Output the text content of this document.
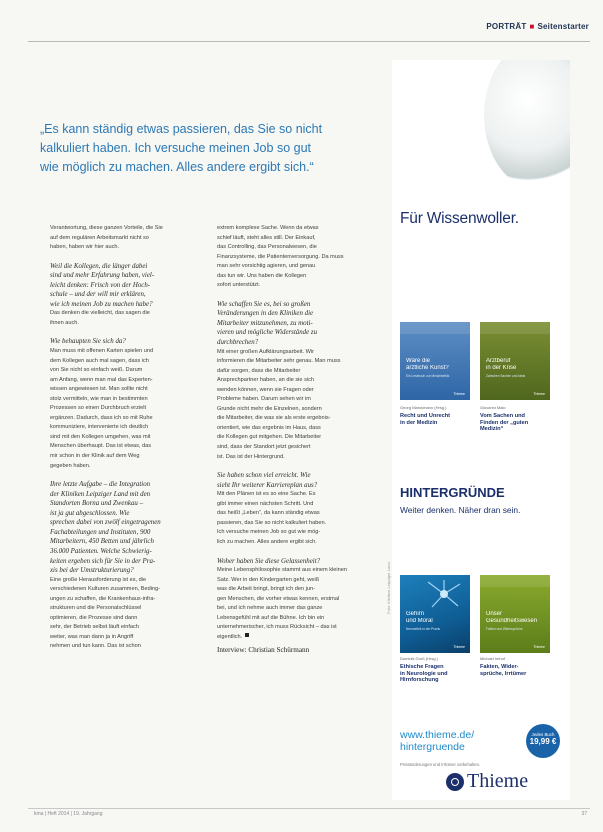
PORTRÄT ■ Seitenstarter
„Es kann ständig etwas passieren, das Sie so nicht
kalkuliert haben. Ich versuche meinen Job so gut
wie möglich zu machen. Alles andere ergibt sich.“
Verantwortung, diese ganzen Vorteile, die Sie
auf dem regulären Arbeitsmarkt nicht so
haben, haben wir hier auch.
Weil die Kollegen, die länger dabei
sind und mehr Erfahrung haben, viel-
leicht denken: Frisch von der Hoch-
schule – und der will mir erklären,
wie ich meinen Job zu machen habe?
Das denken die vielleicht, das sagen die
ihnen auch.
Wie behaupten Sie sich da?
Man muss mit offenen Karten spielen und
dem Kollegen auch mal sagen, dass ich
von Sie nicht so einfach weiß. Darum
am Anfang, wenn man mal das Experten-
wissen angewiesen ist. Man sollte nicht
stolz vermitteln, wie man in bestimmten
Prozessen so einen Durchbruch erzielt
ergänzen. Dadurch, dass ich so mit Ruhe
kommuniziere, intervenierte ich deutlich
sind mit den Kollegen umgehen, was mit
Menschen überhaupt. Das ist etwas, das
mir schon in der Klinik auf dem Weg
gegeben haben.
Ihre letzte Aufgabe – die Integration
der Kliniken Leipziger Land mit den
Standorten Borna und Zwenkau –
ist ja gut abgeschlossen. Wie
sprechen dabei von zwölf eingetragenen
Fachabteilungen und Instituten, 900
Mitarbeitern, 450 Betten und jährlich
36.000 Patienten. Welche Schwierig-
keiten ergeben sich für Sie in der Pra-
xis bei der Umstrukturierung?
Eine große Herausforderung ist es, die
verschiedenen Kulturen zusammen, Beding-
ungen zu schaffen, die Krankenhaus-infra-
strukturen und die Personalschlüssel
optimieren, die Prozesse sind dann
sehr, der Betrieb selbst läuft einfach
weiter, was man dann ja in Angriff
nehmen und tun kann. Das ist schon
extrem komplexe Sache. Wenn da etwas
schief läuft, steht alles still. Der Einkauf,
das Controlling, das Personalwesen, die
Finanzsysteme, die Patientenversorgung. Da muss
man sehr vorsichtig agieren, und genau
das tun wir. Uns haben die Kollegen
sofort unterstützt.
Wie schaffen Sie es, bei so großen
Veränderungen in den Kliniken die
Mitarbeiter mitzunehmen, zu moti-
vieren und mögliche Widerstände zu
durchbrechen?
Mit einer großen Aufklärungsarbeit. Wir
informieren die Mitarbeiter sehr genau. Man muss
dafür sorgen, dass die Mitarbeiter
Ansprechpartner haben, an die sie sich
wenden können, wenn sie Fragen oder
Probleme haben. Darum sehen wir im
Grunde nicht mehr die Einzelnen, sondern
die Mitarbeiter, die was sie als erste ergebnis-
orientiert, wie das ergebnis im Haus, dass
die Kollegen gut mitgehen. Die Mitarbeiter
sind, dass der Standort jetzt gesichert
ist. Das ist der Hintergrund.
Sie haben schon viel erreicht. Wie
sieht Ihr weiterer Karriereplan aus?
Mit den Plänen ist es so eine Sache. Es
gibt immer einen nächsten Schritt. Und
das heißt „Leben“, da kann ständig etwas
passieren, das Sie so nicht kalkuliert haben.
Ich versuche meinen Job so gut wie mög-
lich zu machen. Alles andere ergibt sich.
Woher haben Sie diese Gelassenheit?
Meine Lebensphilosophie stammt aus einem kleinen
Satz. Wer in den Kindergarten geht, weiß
was die Arbeit bringt, bringt ich den jun-
gen Menschen, die vorher etwas kennen, erstmal
bei, und ich nehme auch immer das ganze
Lebensgefühl mit auf die Bühne. Ich bin ein
unternehmerischer, ich muss Rücksicht – das ist
eigentlich.
Interview: Christian Schürmann
Für Wissenwoller.
Wäre die
ärztliche Kunst?
Ein Lesebuch zur Medizinethik
Thieme
Arztberuf
in der Krise
Zwischen Sachen und Ideal
Thieme
Georg Marckmann (Hrsg.)
Recht und Unrecht
in der Medizin
Giovanni Maio
Vom Sachen und
Finden der „guten
Medizin“
HINTERGRÜNDE
Weiter denken. Näher dran sein.
Gehirn
und Moral
Neuroethik in der Praxis
Thieme
Unser
Gesundheitswesen
Fakten und Widersprüche
Thieme
Dominik Groß (Hrsg.)
Ethische Fragen
in Neurologie und
Hirnforschung
Michael Imhof
Fakten, Wider-
sprüche, Irrtümer
www.thieme.de/
hintergruende
Jedes Buch
19,99 €
Preisänderungen und Irrtümer vorbehalten.
Thieme
Foto: Kliniken Leipziger Land
kma | Heft 2014 | 19. Jahrgang	37
